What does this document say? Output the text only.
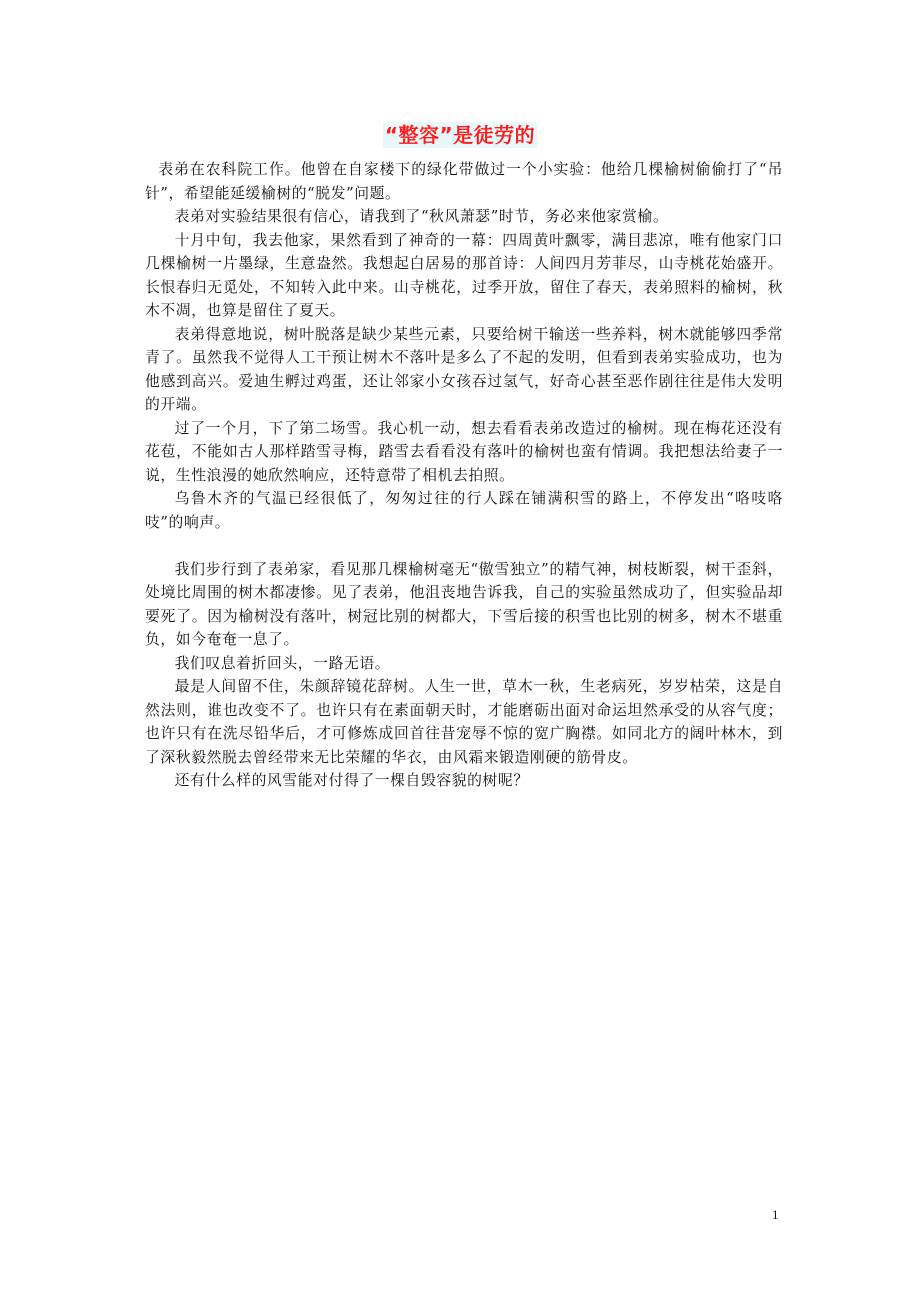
“整容”是徒劳的

表弟在农科院工作。他曾在自家楼下的绿化带做过一个小实验：他给几棵榆树偷偷打了“吊针”，希望能延缓榆树的“脱发”问题。

表弟对实验结果很有信心，请我到了“秋风萧瑟”时节，务必来他家赏榆。

十月中旬，我去他家，果然看到了神奇的一幕：四周黄叶飘零，满目悲凉，唯有他家门口几棵榆树一片墨绿，生意盎然。我想起白居易的那首诗：人间四月芳菲尽，山寺桃花始盛开。长恨春归无觅处，不知转入此中来。山寺桃花，过季开放，留住了春天，表弟照料的榆树，秋木不凋，也算是留住了夏天。

表弟得意地说，树叶脱落是缺少某些元素，只要给树干输送一些养料，树木就能够四季常青了。虽然我不觉得人工干预让树木不落叶是多么了不起的发明，但看到表弟实验成功，也为他感到高兴。爱迪生孵过鸡蛋，还让邻家小女孩吞过氢气，好奇心甚至恶作剧往往是伟大发明的开端。

过了一个月，下了第二场雪。我心机一动，想去看看表弟改造过的榆树。现在梅花还没有花苞，不能如古人那样踏雪寻梅，踏雪去看看没有落叶的榆树也蛮有情调。我把想法给妻子一说，生性浪漫的她欣然响应，还特意带了相机去拍照。

乌鲁木齐的气温已经很低了，匆匆过往的行人踩在铺满积雪的路上，不停发出“咯吱咯吱”的响声。

我们步行到了表弟家，看见那几棵榆树毫无“傲雪独立”的精气神，树枝断裂，树干歪斜，处境比周围的树木都凄惨。见了表弟，他沮丧地告诉我，自己的实验虽然成功了，但实验品却要死了。因为榆树没有落叶，树冠比别的树都大，下雪后接的积雪也比别的树多，树木不堪重负，如今奄奄一息了。

我们叹息着折回头，一路无语。

最是人间留不住，朱颜辞镜花辞树。人生一世，草木一秋，生老病死，岁岁枯荣，这是自然法则，谁也改变不了。也许只有在素面朝天时，才能磨砺出面对命运坦然承受的从容气度；也许只有在洗尽铅华后，才可修炼成回首往昔宠辱不惊的宽广胸襟。如同北方的阔叶林木，到了深秋毅然脱去曾经带来无比荣耀的华衣，由风霜来锻造刚硬的筋骨皮。

还有什么样的风雪能对付得了一棵自毁容貌的树呢？

1
